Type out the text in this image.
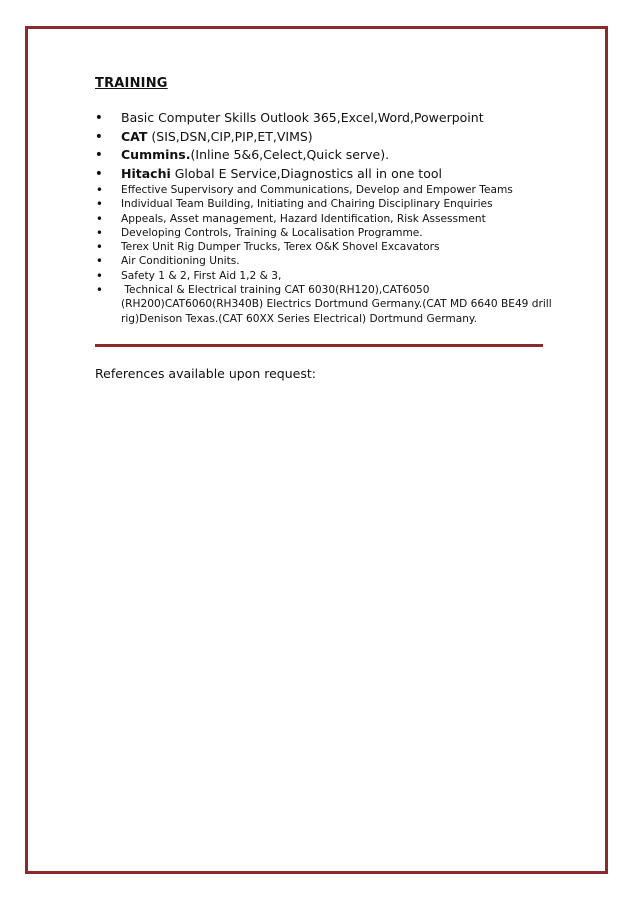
TRAINING
• Basic Computer Skills Outlook 365,Excel,Word,Powerpoint
• CAT (SIS,DSN,CIP,PIP,ET,VIMS)
• Cummins.(Inline 5&6,Celect,Quick serve).
• Hitachi Global E Service,Diagnostics all in one tool
• Effective Supervisory and Communications, Develop and Empower Teams
• Individual Team Building, Initiating and Chairing Disciplinary Enquiries
• Appeals, Asset management, Hazard Identification, Risk Assessment
• Developing Controls, Training & Localisation Programme.
• Terex Unit Rig Dumper Trucks, Terex O&K Shovel Excavators
• Air Conditioning Units.
• Safety 1 & 2, First Aid 1,2 & 3,
•  Technical & Electrical training CAT 6030(RH120),CAT6050 (RH200)CAT6060(RH340B) Electrics Dortmund Germany.(CAT MD 6640 BE49 drill rig)Denison Texas.(CAT 60XX Series Electrical) Dortmund Germany.

References available upon request:
